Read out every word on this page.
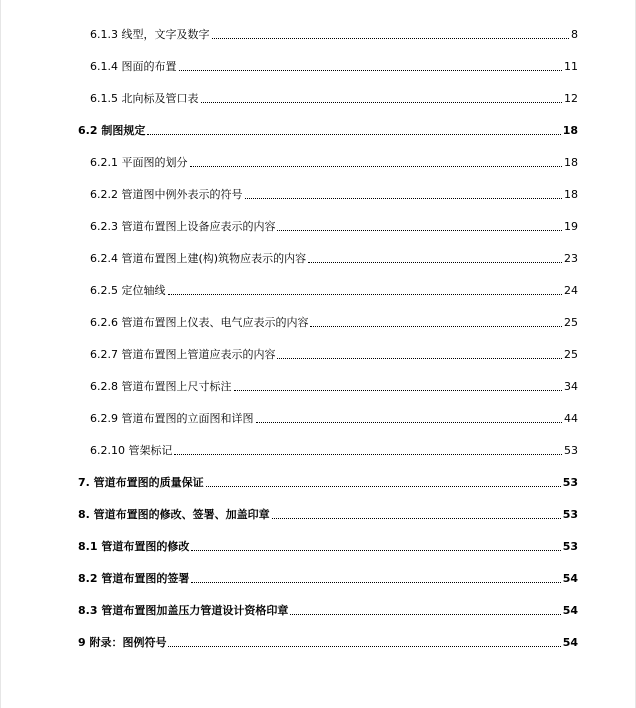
6.1.3 线型，文字及数字	8
6.1.4 图面的布置	11
6.1.5 北向标及管口表	12
6.2 制图规定	18
6.2.1 平面图的划分	18
6.2.2 管道图中例外表示的符号	18
6.2.3 管道布置图上设备应表示的内容	19
6.2.4 管道布置图上建(构)筑物应表示的内容	23
6.2.5 定位轴线	24
6.2.6 管道布置图上仪表、电气应表示的内容	25
6.2.7 管道布置图上管道应表示的内容	25
6.2.8 管道布置图上尺寸标注	34
6.2.9 管道布置图的立面图和详图	44
6.2.10 管架标记	53
7. 管道布置图的质量保证	53
8. 管道布置图的修改、签署、加盖印章	53
8.1 管道布置图的修改	53
8.2 管道布置图的签署	54
8.3 管道布置图加盖压力管道设计资格印章	54
9 附录：图例符号	54
